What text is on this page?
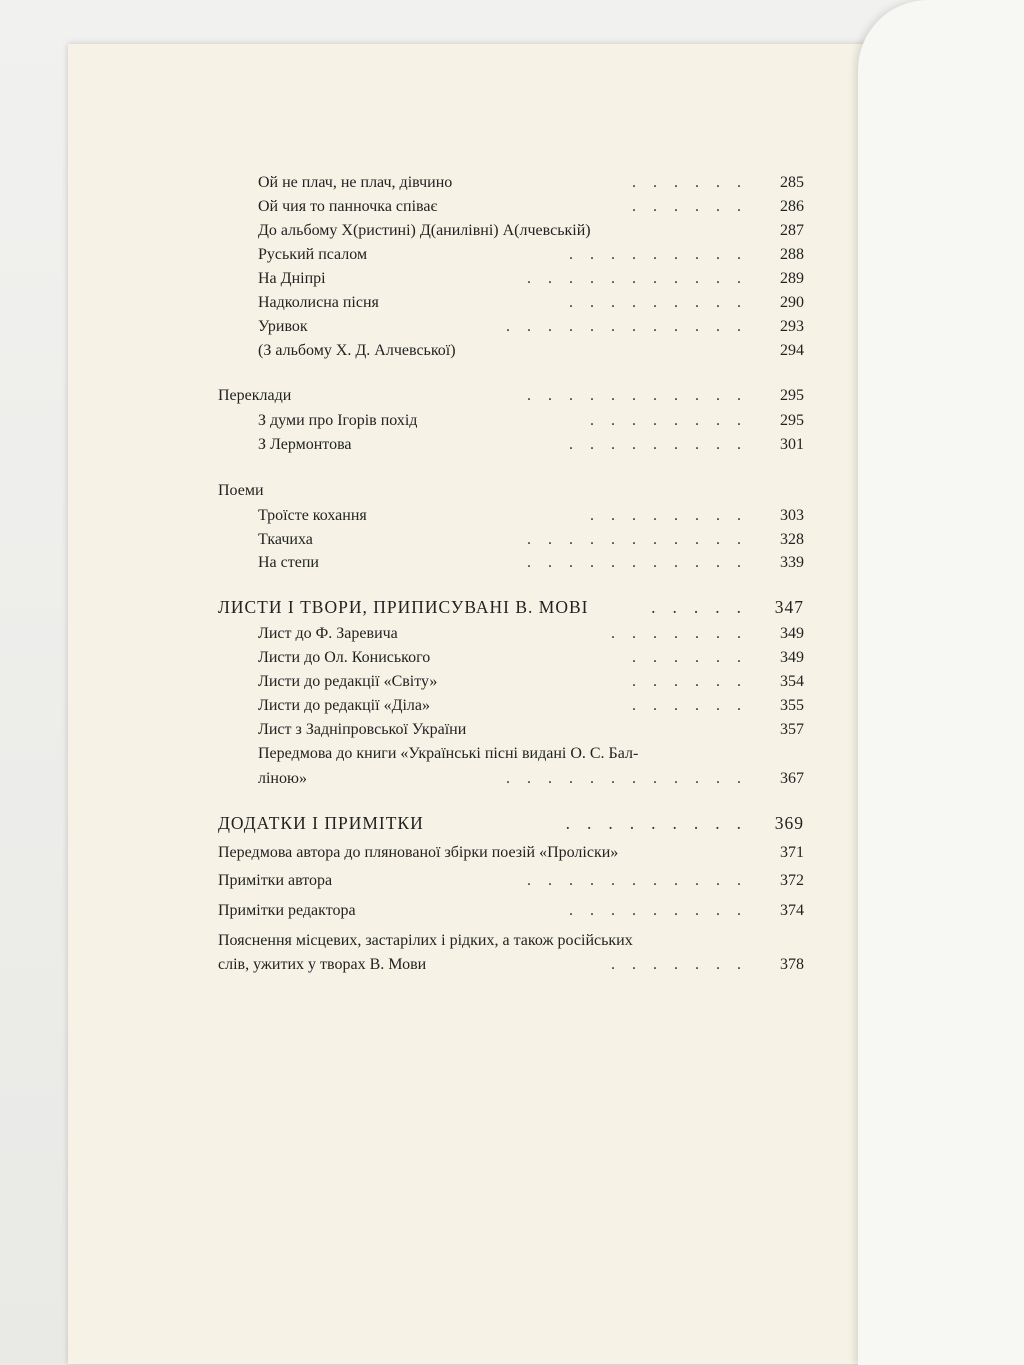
Ой не плач, не плач, дівчино	...... 285
Ой чия то панночка співає	...... 286
До альбому Х(ристині) Д(анилівні) А(лчевській)	287
Руський псалом	......... 288
На Дніпрі	........... 289
Надколисна пісня	......... 290
Уривок	............ 293
(З альбому Х. Д. Алчевської)	294
Переклади	........... 295
З думи про Ігорів похід	........ 295
З Лермонтова	......... 301
Поеми
Троїсте кохання	........ 303
Ткачиха	........... 328
На степи	........... 339
ЛИСТИ І ТВОРИ, ПРИПИСУВАНІ В. МОВІ	..... 347
Лист до Ф. Заревича	....... 349
Листи до Ол. Кониського	...... 349
Листи до редакції «Світу»	...... 354
Листи до редакції «Діла»	...... 355
Лист з Задніпровської України	357
Передмова до книги «Українські пісні видані О. С. Бал-
ліною»	............ 367
ДОДАТКИ І ПРИМІТКИ	......... 369
Передмова автора до плянованої збірки поезій «Проліски»	371
Примітки автора	........... 372
Примітки редактора	......... 374
Пояснення місцевих, застарілих і рідких, а також російських
слів, ужитих у творах В. Мови	....... 378
